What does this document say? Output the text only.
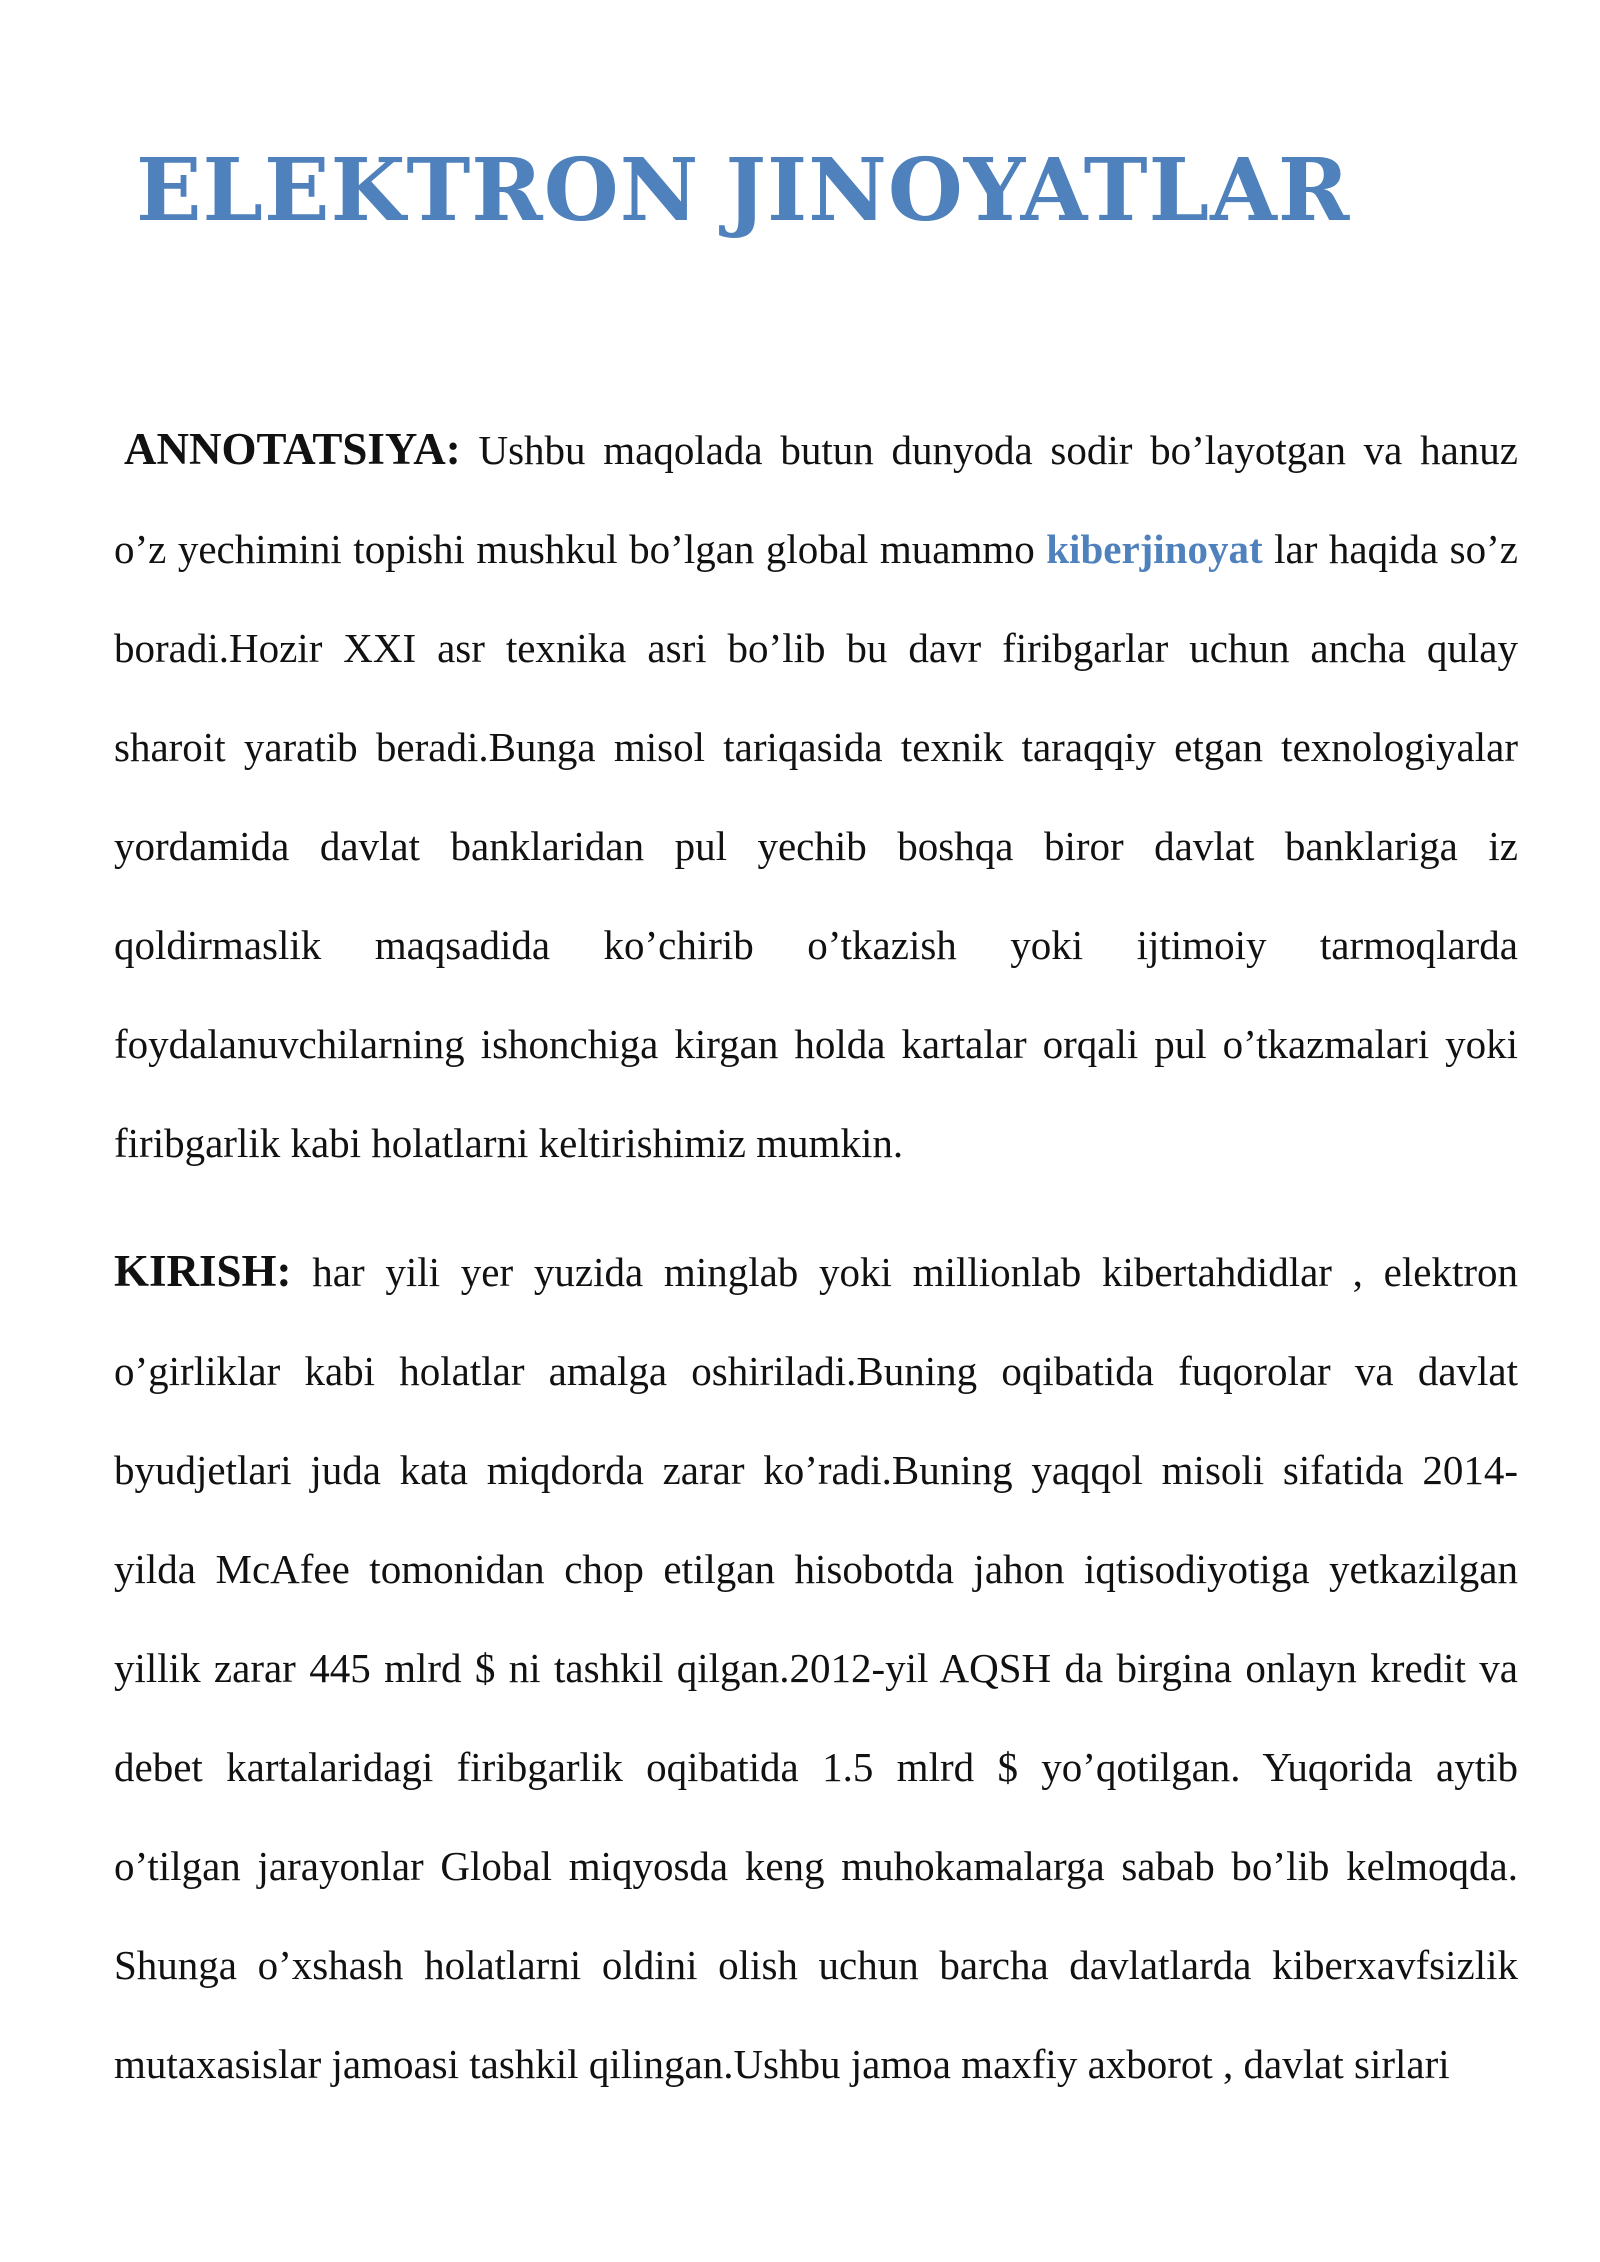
ELEKTRON JINOYATLAR

ANNOTATSIYA: Ushbu maqolada butun dunyoda sodir bo’layotgan va hanuz o’z yechimini topishi mushkul bo’lgan global muammo kiberjinoyat lar haqida so’z boradi.Hozir XXI asr texnika asri bo’lib bu davr firibgarlar uchun ancha qulay sharoit yaratib beradi.Bunga misol tariqasida texnik taraqqiy etgan texnologiyalar yordamida davlat banklaridan pul yechib boshqa biror davlat banklariga iz qoldirmaslik maqsadida ko’chirib o’tkazish yoki ijtimoiy tarmoqlarda foydalanuvchilarning ishonchiga kirgan holda kartalar orqali pul o’tkazmalari yoki firibgarlik kabi holatlarni keltirishimiz mumkin.

KIRISH: har yili yer yuzida minglab yoki millionlab kibertahdidlar , elektron o’girliklar kabi holatlar amalga oshiriladi.Buning oqibatida fuqorolar va davlat byudjetlari juda kata miqdorda zarar ko’radi.Buning yaqqol misoli sifatida 2014-yilda McAfee tomonidan chop etilgan hisobotda jahon iqtisodiyotiga yetkazilgan yillik zarar 445 mlrd $ ni tashkil qilgan.2012-yil AQSH da birgina onlayn kredit va debet kartalaridagi firibgarlik oqibatida 1.5 mlrd $ yo’qotilgan. Yuqorida aytib o’tilgan jarayonlar Global miqyosda keng muhokamalarga sabab bo’lib kelmoqda. Shunga o’xshash holatlarni oldini olish uchun barcha davlatlarda kiberxavfsizlik mutaxasislar jamoasi tashkil qilingan.Ushbu jamoa maxfiy axborot , davlat sirlari
